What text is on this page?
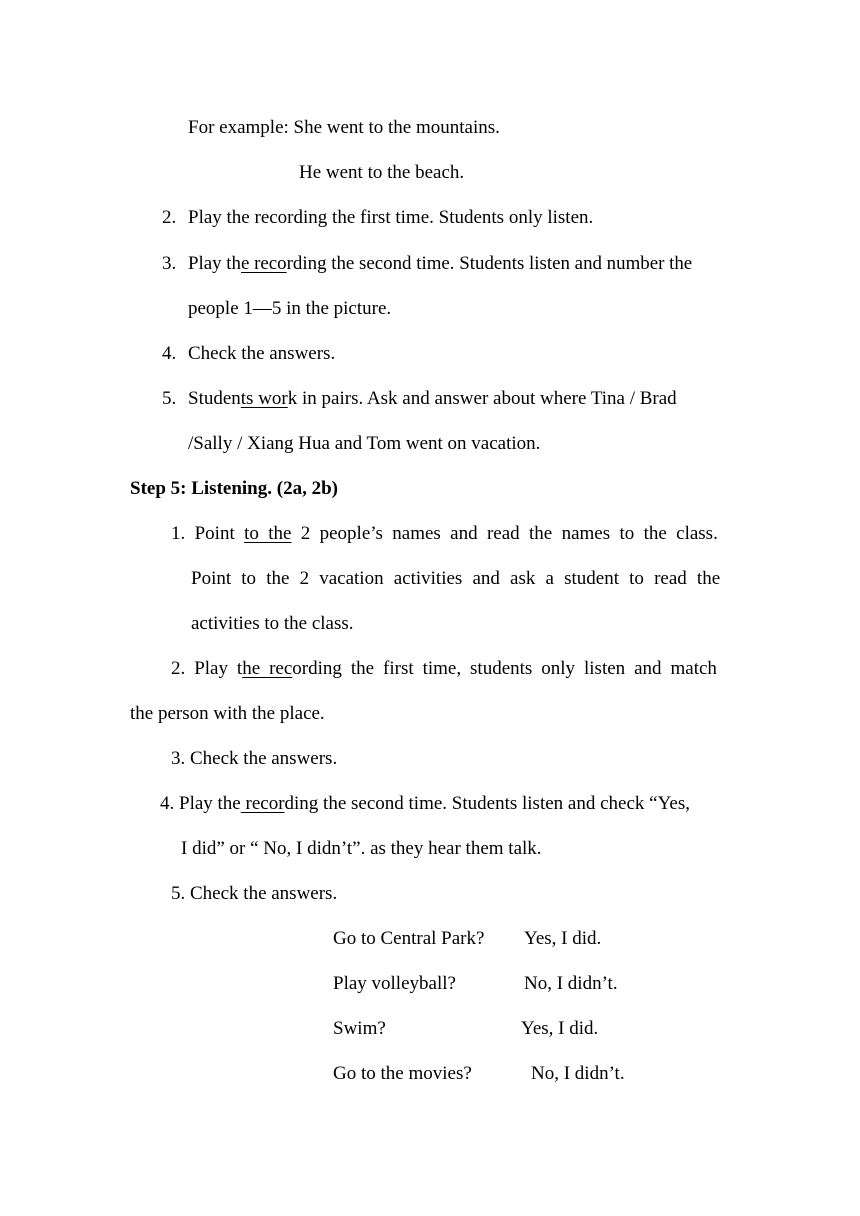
For example: She went to the mountains.

He went to the beach.

2. Play the recording the first time. Students only listen.

3. Play the recording the second time. Students listen and number the

people 1—5 in the picture.

4. Check the answers.

5. Students work in pairs. Ask and answer about where Tina / Brad

/Sally / Xiang Hua and Tom went on vacation.

Step 5: Listening. (2a, 2b)

1. Point to the 2 people’s names and read the names to the class.

Point to the 2 vacation activities and ask a student to read the

activities to the class.

2. Play the recording the first time, students only listen and match

the person with the place.

3. Check the answers.

4. Play the recording the second time. Students listen and check “Yes,

I did” or “ No, I didn’t”. as they hear them talk.

5. Check the answers.

Go to Central Park? Yes, I did.
Play volleyball?	No, I didn’t.
Swim?	Yes, I did.
Go to the movies?	No, I didn’t.
